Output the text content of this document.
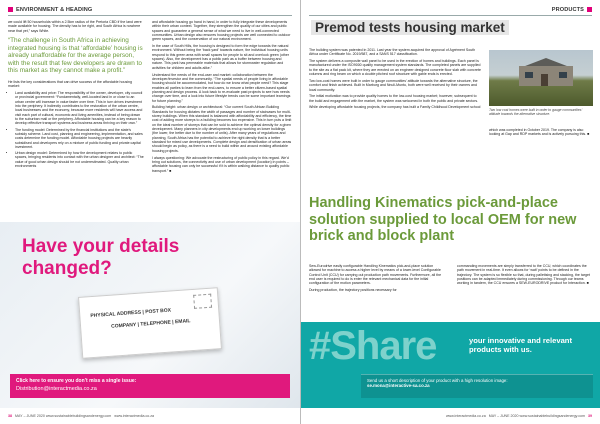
ENVIRONMENT & HEADING

we could lift 50 households within a 2.5km radius of the Pretoria CBD if the land were made available for housing. The density has to be right, and South Africa is nowhere near that yet,” says White.

“The challenge in South Africa in achieving integrated housing is that ‘affordable’ housing is already unaffordable for the average person, with the result that few developers are drawn to this market as they cannot make a profit.”

He lists the key considerations that can drive success of the affordable housing market:

• Land availability and price: The responsibility of the owner, developer, city council or provincial government: “Fundamentally, well-located land in or close to an urban centre will increase in value faster over time. This in turn drives investment into the periphery. It indirectly contributes to the restoration of the urban centre, local businesses and the economy, because more residents will have access and visit each part of cultural, economic and living amenities, instead of being drawn to the suburban mall or the periphery. Affordable housing can be a key reason to develop effective transport systems and business areas thriving on their own.”
• The funding model: Determined by the financial institutions and the state’s subsidy scheme. Land cost, planning and engineering, implementation, and sales costs determine the funding model. Affordable housing projects are heavily subsidised and developers rely on a mixture of public funding and private capital investment.
• Urban design model: Determined by how the development relates to public spaces, bringing residents into contact with the urban designer and architect: “The value of good urban design should be not underestimated. Quality urban environments

and affordable housing go hand in hand, in order to fully integrate these developments within their urban context. Together, they strengthen the quality of our cities and public spaces and guarantee a general sense of what we need to live in well-connected communities. Urban design also ensures housing projects are well connected to outdoor green spaces, and the conservation of our natural environment.

In the case of South Hills, the housing is designed to form the edge towards the natural environment. Without being the ‘back yard’ towards nature, the individual housing units respond to this green area with small spaces for people to sit and overlook green (other spaces). Also, the development has a public park as a buffer between housing and nature. This park has permeable materials that allows for stormwater regulation and activities for children and adults alike.”

Understand the needs of the end-user and market: collaboration between the developer/investor and the community. “The spatial needs of people living in affordable housing should be accommodated, but how do we know what people need? This stage enables all parties to learn from the end-users, to ensure a better citizen-based spatial planning and design process. A look back to re-evaluate past projects to see how needs change over time, and a look into future lifestyle trends can be some important learnings for future planning.”

Building height: urban design or architectural: “Our current South African Building Standards for housing dictates the width of passages and number of staircases for multi-storey buildings. When this standard is balanced with affordability and efficiency, the time cost of adding more storeys to a building becomes too expensive. This in turn puts a limit on the ideal number of storeys that can be sold to achieve the optimal density for a given development. Many planners in city developments end up working on lower buildings (the lower, the better due to the number of units). After many years of regulations and planning, South Africa has the potential to achieve the right density that is a better standard for mixed use developments. Complete design and densification of urban areas should begin as policy, as there is a need to build within and around existing affordable housing projects.

I always questioning: We advocate the restructuring of public policy in this regard. We’d bring out solutions, the connectivity and use of urban development (location) in points – affordable housing can only be successful if it is within walking distance to quality public transport.” ■

Have your details changed?
PHYSICAL ADDRESS | POST BOX
COMPANY | TELEPHONE | EMAIL
Click here to ensure you don’t miss a single issue:
Distribution@interactmedia.co.za
38 MAY – JUNE 2020 www.sustainablebuildingsandenergy.com www.interactmedia.co.za
PRODUCTS
Premod tests housing market

The building system was patented in 2011. Last year the system acquired the approval of Agrément South Africa under Certificate No. 2019/587, and a SANS 517 classification.

The system delivers a composite wall panel to be used in the erection of homes and buildings. Each panel is manufactured under the ISO9000 quality management system standards. The completed panels are supplied to the site as a flat pack kit, where they are erected on an engineer designed concrete floor slab with concrete columns and ring beam on which a double pitched roof structure with gable ends is erected.

Two low-cost homes were built in order to gauge communities’ attitude towards the alternative structure, the comfort and finish achieved. Built in Marburg and Nnuli-Muntu, both were well received by their owners and local community.

The initial motivation was to provide quality homes to the low-cost housing market; however, subsequent to the build and engagement with the market, the system was welcomed in both the public and private sectors.

While developing affordable housing projects, the company has built a Family Childhood Development school

Two low cost homes were built in order to gauge communities’ attitude towards the alternative structure.

which was completed in October 2019. The company is also looking at Gap and RDP markets and is actively pursuing this. ■

Handling Kinematics pick-and-place solution supplied to local OEM for new brick and block plant

Sew-Eurodrive easily configurable Handling Kinematics pick-and-place solution allowed for machine to access a higher level by means of a lower-level Configurable Control Unit (CCU) for carrying out production path movements. Furthermore, all the end user is required to do is enter the relevant mechanical data for the initial configuration of the motion parameters.

During production, the trajectory positions necessary for

commanding movements are simply transferred to the CCU, which coordinates the path movement in real-time. It even allows for ‘wait’ points to be defined in the trajectory. The system is so flexible so that, during palletising and stacking, the target positions can be adapted immediately during commissioning. Through our teams working in tandem, the CCU ensures a SEW-EURODRIVE product for Interaction. ■

#Share	your innovative and relevant products with us.
Send us a short description of your product with a high resolution image:
se.mona@interactive-sa.co.za
www.interactmedia.co.za MAY – JUNE 2020 www.sustainablebuildingsandenergy.com 39
